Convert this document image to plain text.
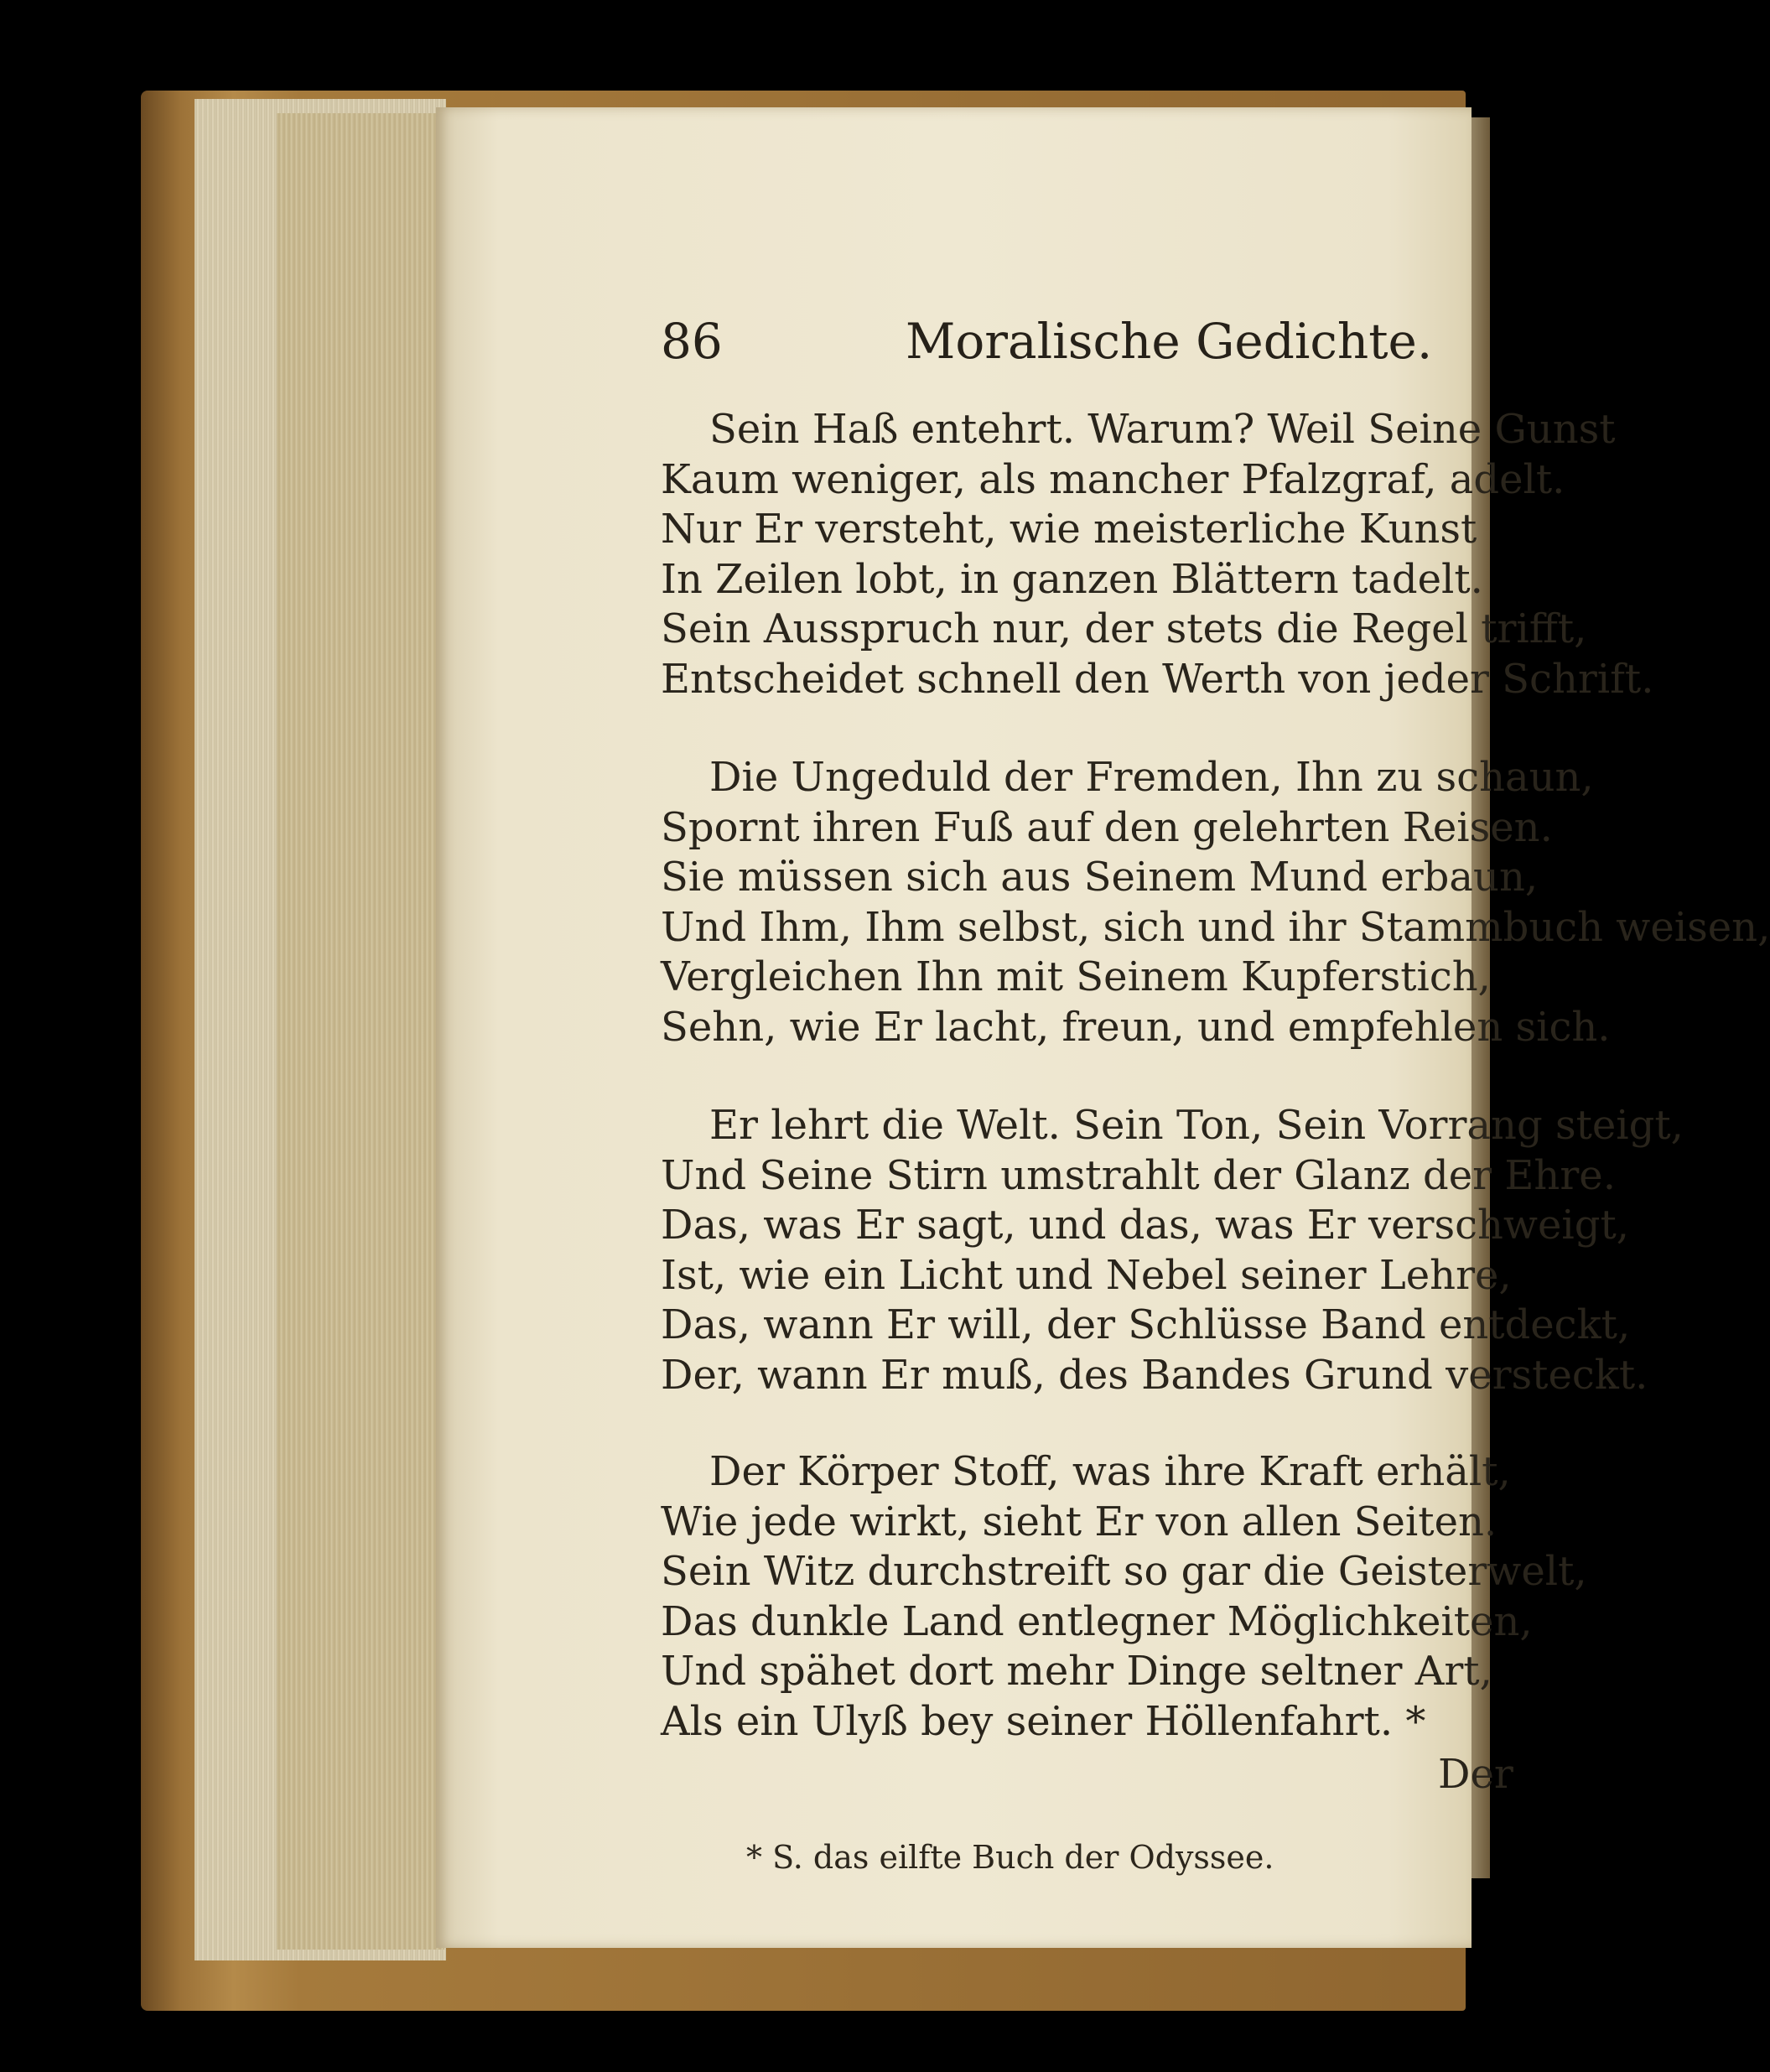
86	Moralische Gedichte.
Sein Haß entehrt. Warum? Weil Seine Gunst
Kaum weniger, als mancher Pfalzgraf, adelt.
Nur Er versteht, wie meisterliche Kunst
In Zeilen lobt, in ganzen Blättern tadelt.
Sein Ausspruch nur, der stets die Regel trifft,
Entscheidet schnell den Werth von jeder Schrift.
Die Ungeduld der Fremden, Ihn zu schaun,
Spornt ihren Fuß auf den gelehrten Reisen.
Sie müssen sich aus Seinem Mund erbaun,
Und Ihm, Ihm selbst, sich und ihr Stammbuch weisen,
Vergleichen Ihn mit Seinem Kupferstich,
Sehn, wie Er lacht, freun, und empfehlen sich.
Er lehrt die Welt. Sein Ton, Sein Vorrang steigt,
Und Seine Stirn umstrahlt der Glanz der Ehre.
Das, was Er sagt, und das, was Er verschweigt,
Ist, wie ein Licht und Nebel seiner Lehre,
Das, wann Er will, der Schlüsse Band entdeckt,
Der, wann Er muß, des Bandes Grund versteckt.
Der Körper Stoff, was ihre Kraft erhält,
Wie jede wirkt, sieht Er von allen Seiten.
Sein Witz durchstreift so gar die Geisterwelt,
Das dunkle Land entlegner Möglichkeiten,
Und spähet dort mehr Dinge seltner Art,
Als ein Ulyß bey seiner Höllenfahrt. *
Der
* S. das eilfte Buch der Odyssee.
